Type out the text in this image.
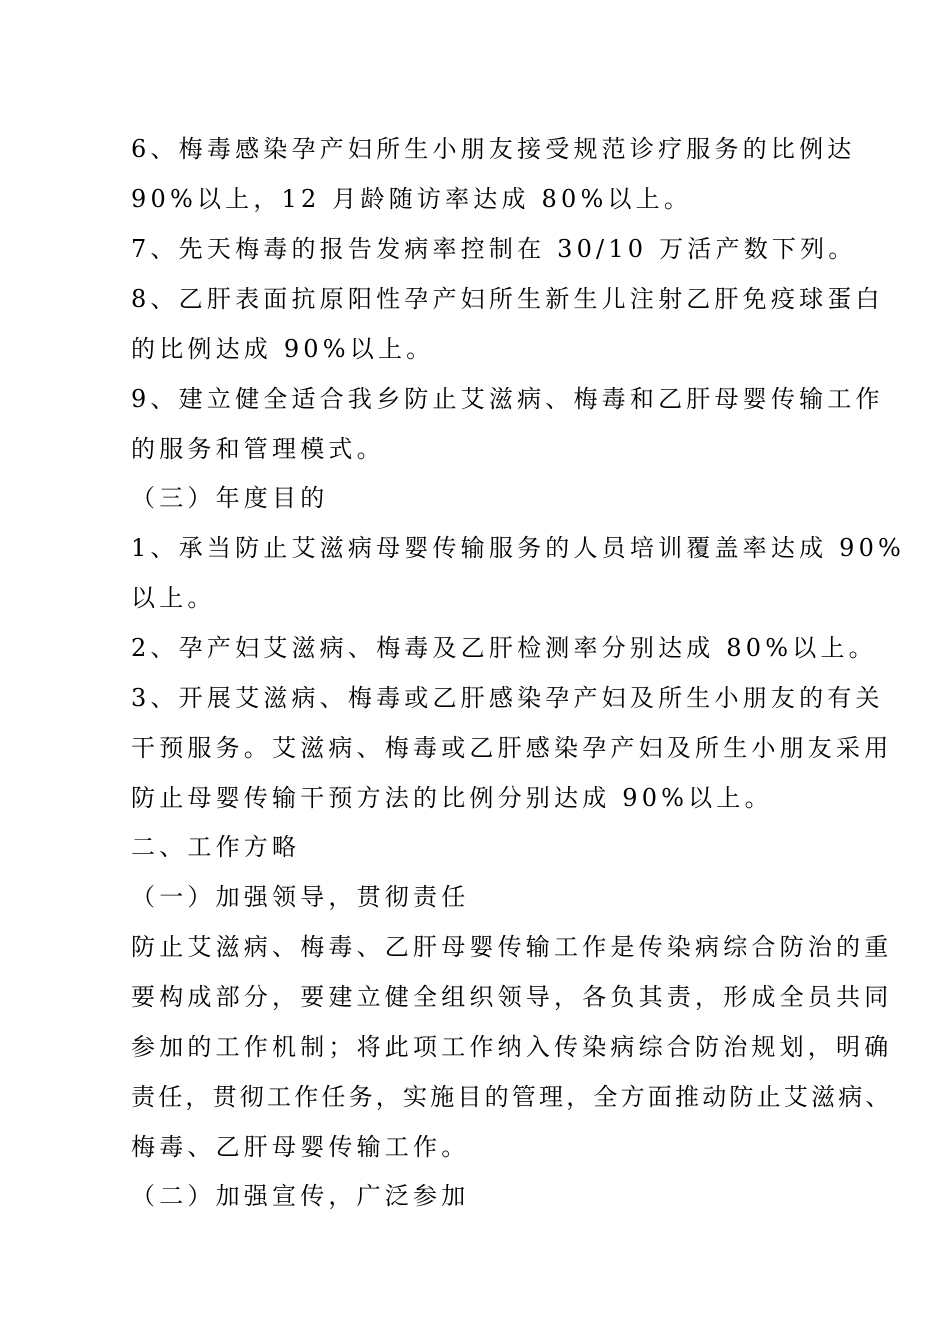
6、梅毒感染孕产妇所生小朋友接受规范诊疗服务的比例达
90%以上，12 月龄随访率达成 80%以上。
7、先天梅毒的报告发病率控制在 30/10 万活产数下列。
8、乙肝表面抗原阳性孕产妇所生新生儿注射乙肝免疫球蛋白
的比例达成 90%以上。
9、建立健全适合我乡防止艾滋病、梅毒和乙肝母婴传输工作
的服务和管理模式。
（三）年度目的
1、承当防止艾滋病母婴传输服务的人员培训覆盖率达成 90%
以上。
2、孕产妇艾滋病、梅毒及乙肝检测率分别达成 80%以上。
3、开展艾滋病、梅毒或乙肝感染孕产妇及所生小朋友的有关
干预服务。艾滋病、梅毒或乙肝感染孕产妇及所生小朋友采用
防止母婴传输干预方法的比例分别达成 90%以上。
二、工作方略
（一）加强领导，贯彻责任
防止艾滋病、梅毒、乙肝母婴传输工作是传染病综合防治的重
要构成部分，要建立健全组织领导，各负其责，形成全员共同
参加的工作机制；将此项工作纳入传染病综合防治规划，明确
责任，贯彻工作任务，实施目的管理，全方面推动防止艾滋病、
梅毒、乙肝母婴传输工作。
（二）加强宣传，广泛参加
